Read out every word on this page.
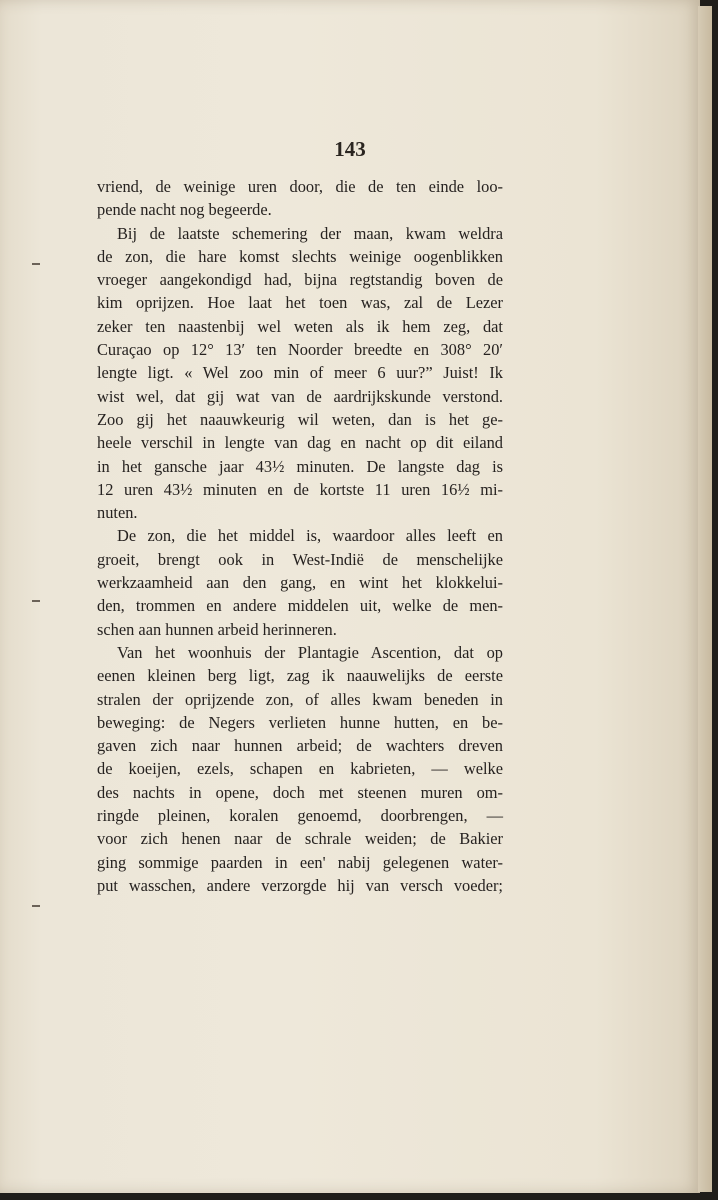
143
vriend, de weinige uren door, die de ten einde loo-
pende nacht nog begeerde.
Bij de laatste schemering der maan, kwam weldra
de zon, die hare komst slechts weinige oogenblikken
vroeger aangekondigd had, bijna regtstandig boven de
kim oprijzen. Hoe laat het toen was, zal de Lezer
zeker ten naastenbij wel weten als ik hem zeg, dat
Curaçao op 12° 13′ ten Noorder breedte en 308° 20′
lengte ligt. « Wel zoo min of meer 6 uur?” Juist! Ik
wist wel, dat gij wat van de aardrijkskunde verstond.
Zoo gij het naauwkeurig wil weten, dan is het ge-
heele verschil in lengte van dag en nacht op dit eiland
in het gansche jaar 43½ minuten. De langste dag is
12 uren 43½ minuten en de kortste 11 uren 16½ mi-
nuten.
De zon, die het middel is, waardoor alles leeft en
groeit, brengt ook in West-Indië de menschelijke
werkzaamheid aan den gang, en wint het klokkelui-
den, trommen en andere middelen uit, welke de men-
schen aan hunnen arbeid herinneren.
Van het woonhuis der Plantagie Ascention, dat op
eenen kleinen berg ligt, zag ik naauwelijks de eerste
stralen der oprijzende zon, of alles kwam beneden in
beweging: de Negers verlieten hunne hutten, en be-
gaven zich naar hunnen arbeid; de wachters dreven
de koeijen, ezels, schapen en kabrieten, — welke
des nachts in opene, doch met steenen muren om-
ringde pleinen, koralen genoemd, doorbrengen, —
voor zich henen naar de schrale weiden; de Bakier
ging sommige paarden in een' nabij gelegenen water-
put wasschen, andere verzorgde hij van versch voeder;
